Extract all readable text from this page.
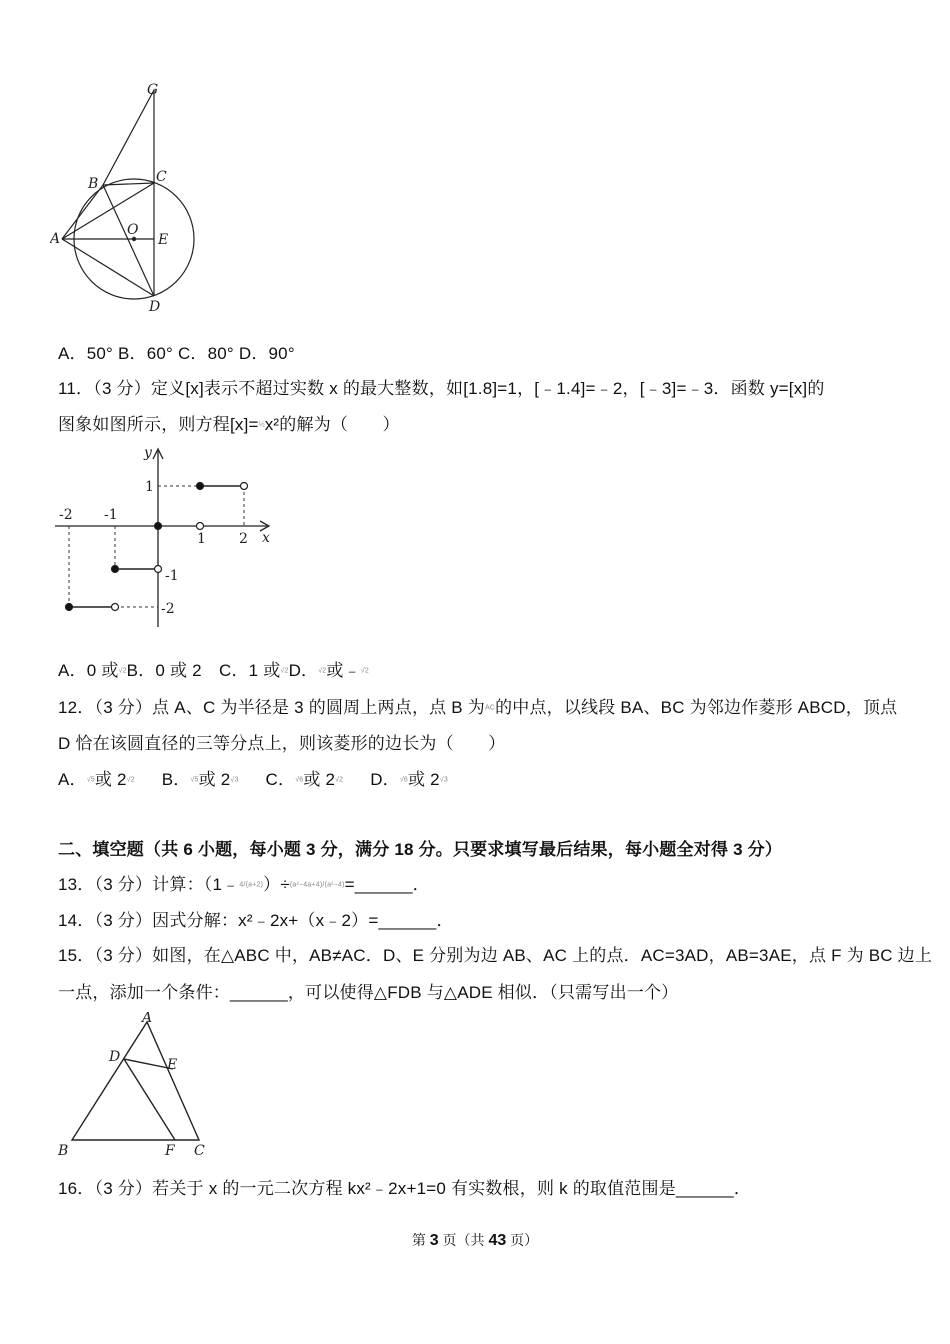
G
B	C
A
O
E
D
A．50° B．60° C．80° D．90°
11．（3 分）定义[x]表示不超过实数 x 的最大整数，如[1.8]=1，[﹣1.4]=﹣2，[﹣3]=﹣3．函数 y=[x]的
图象如图所示，则方程[x]=½x²的解为（　　）
y
x
-2 -1
1 2
1
-1
-2
A．0 或√2B．0 或 2　C．1 或√2D．√2或﹣√2
12．（3 分）点 A、C 为半径是 3 的圆周上两点，点 B 为AC的中点，以线段 BA、BC 为邻边作菱形 ABCD，顶点
D 恰在该圆直径的三等分点上，则该菱形的边长为（　　）
A．√5或 2√2 B．√5或 2√3 C．√6或 2√2 D．√6或 2√3
二、填空题（共 6 小题，每小题 3 分，满分 18 分。只要求填写最后结果，每小题全对得 3 分）
13．（3 分）计算：（1﹣4/(a+2)）÷(a²−4a+4)/(a²−4)=______．
14．（3 分）因式分解：x²﹣2x+（x﹣2）=______．
15．（3 分）如图，在△ABC 中，AB≠AC．D、E 分别为边 AB、AC 上的点．AC=3AD，AB=3AE，点 F 为 BC 边上
一点，添加一个条件：______，可以使得△FDB 与△ADE 相似．（只需写出一个）
A
D	E
B	F C
16．（3 分）若关于 x 的一元二次方程 kx²﹣2x+1=0 有实数根，则 k 的取值范围是______．
第 3 页（共 43 页）
